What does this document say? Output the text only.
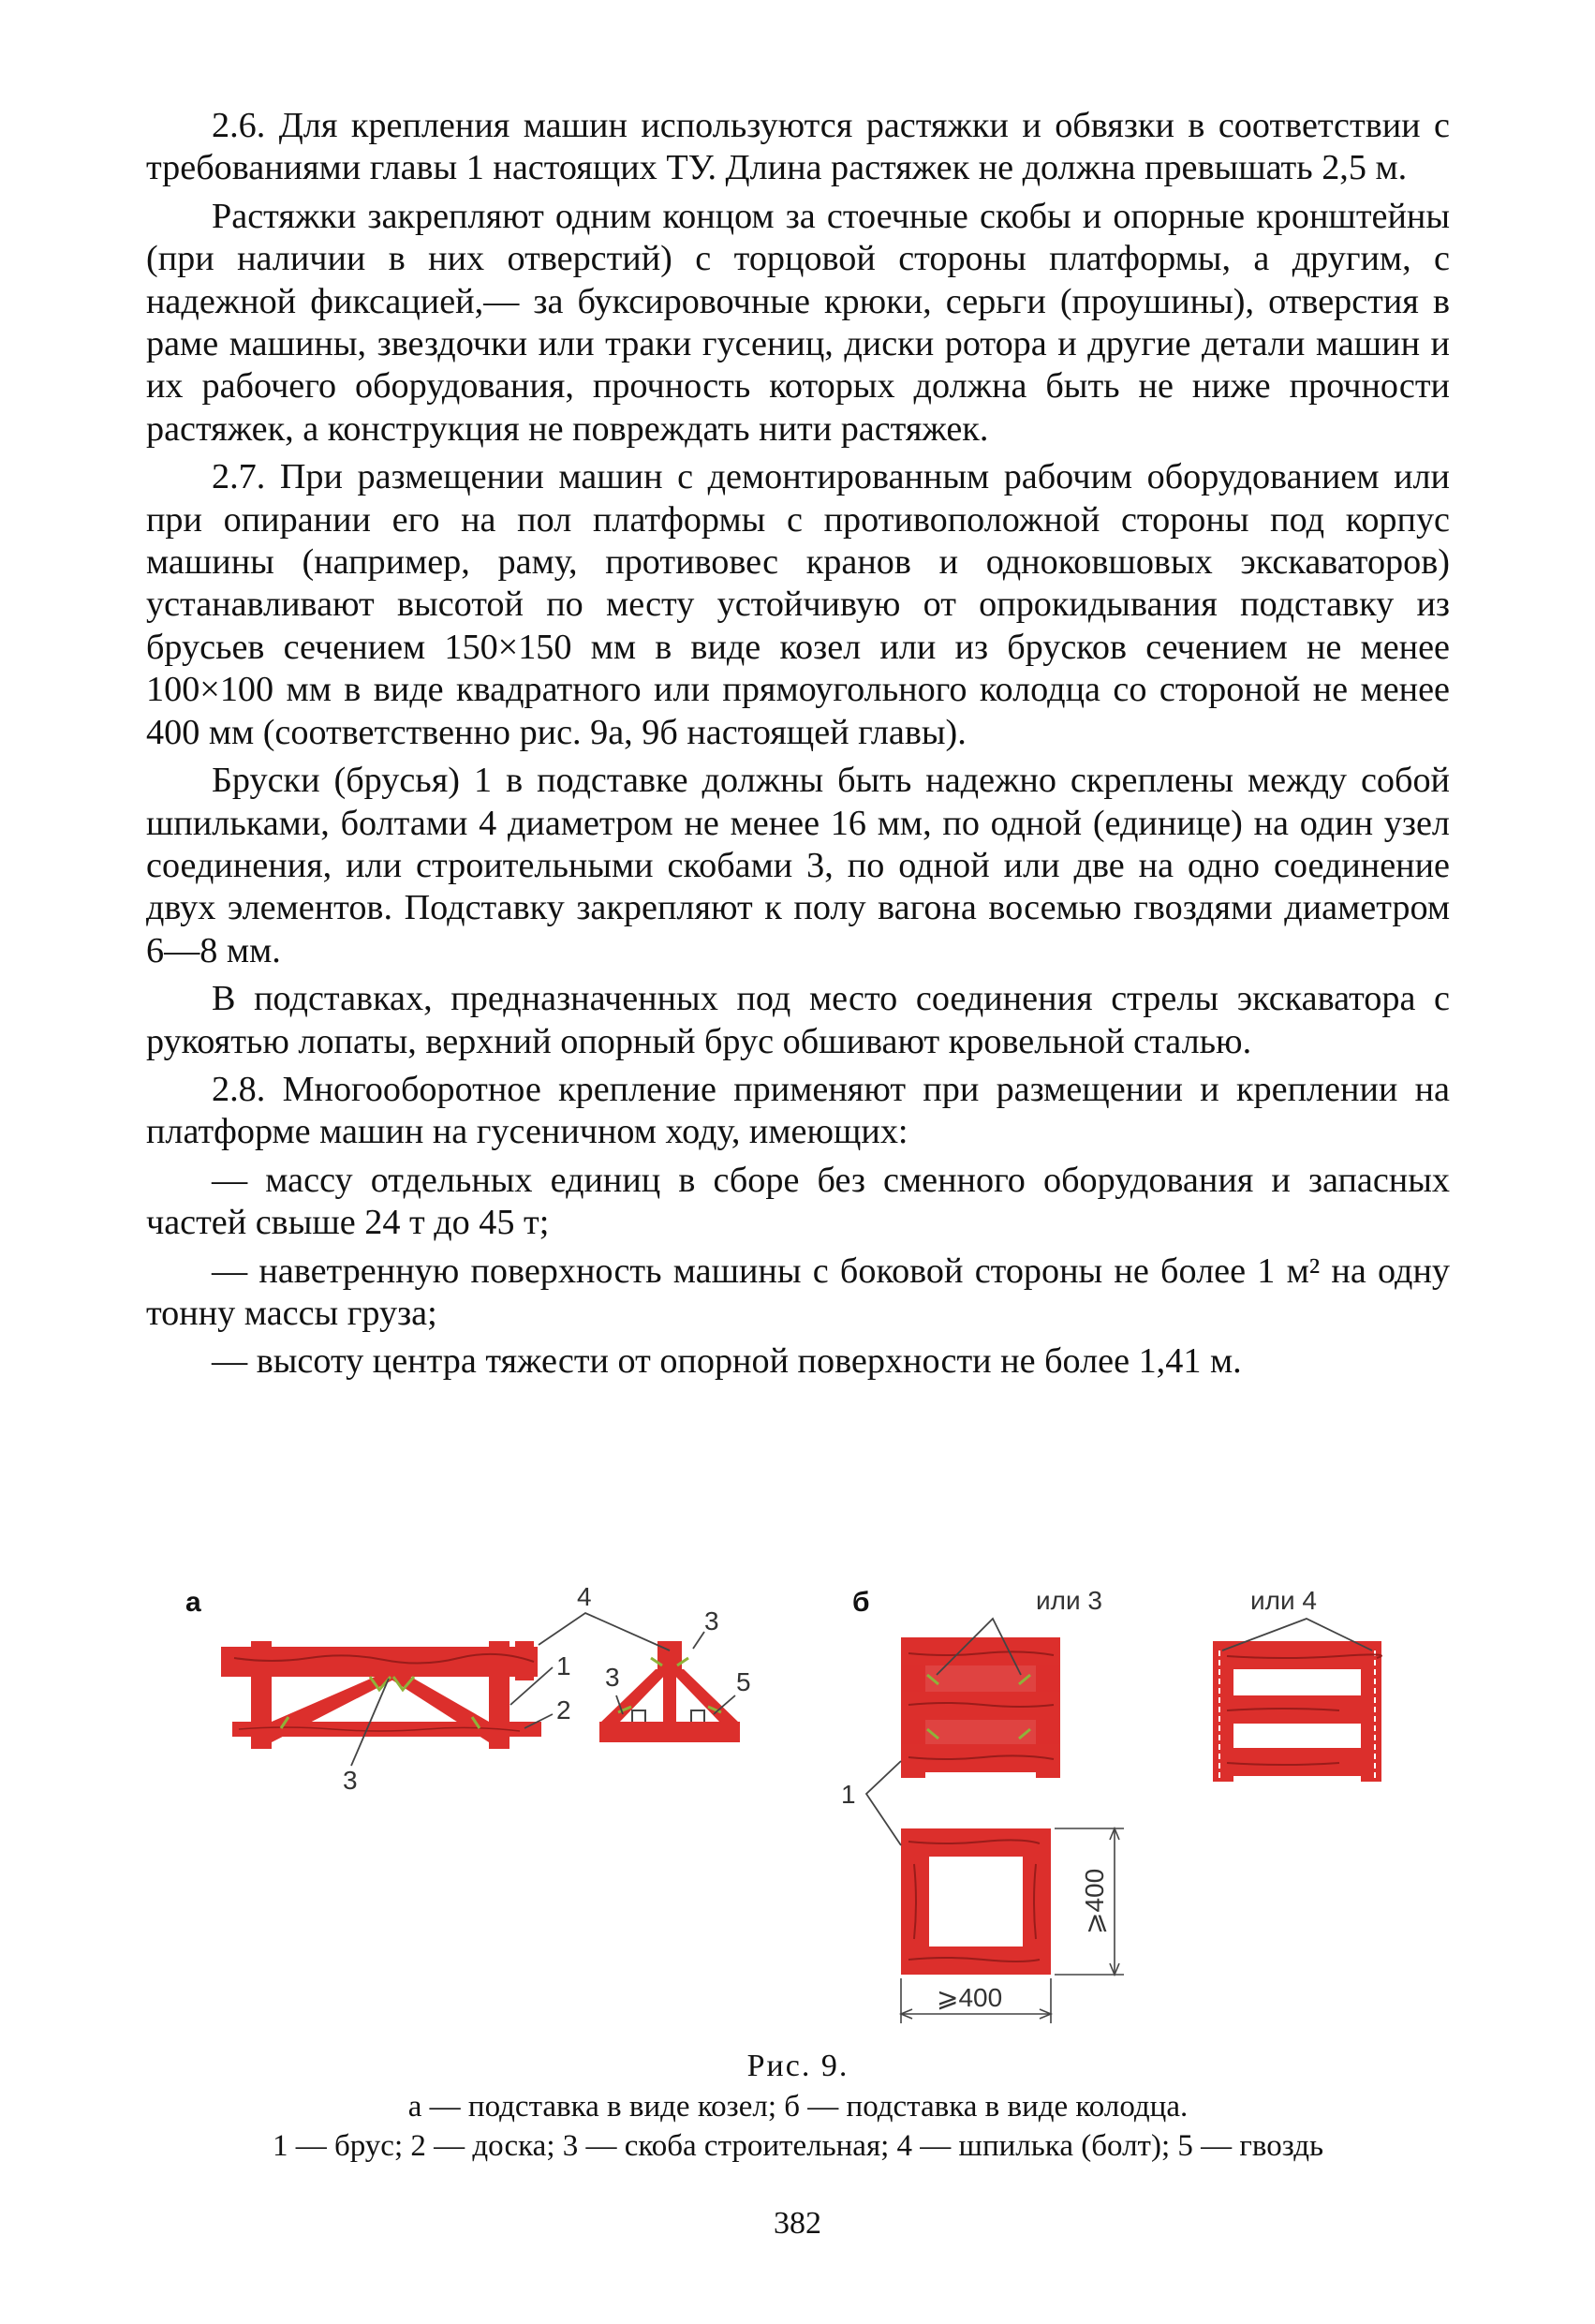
2.6. Для крепления машин используются растяжки и обвязки в соответствии с требованиями главы 1 настоящих ТУ. Длина растяжек не должна превышать 2,5 м.

Растяжки закрепляют одним концом за стоечные скобы и опорные кронштейны (при наличии в них отверстий) с торцовой стороны платформы, а другим, с надежной фиксацией,— за буксировочные крюки, серьги (проушины), отверстия в раме машины, звездочки или траки гусениц, диски ротора и другие детали машин и их рабочего оборудования, прочность которых должна быть не ниже прочности растяжек, а конструкция не повреждать нити растяжек.

2.7. При размещении машин с демонтированным рабочим оборудованием или при опирании его на пол платформы с противоположной стороны под корпус машины (например, раму, противовес кранов и одноковшовых экскаваторов) устанавливают высотой по месту устойчивую от опрокидывания подставку из брусьев сечением 150×150 мм в виде козел или из брусков сечением не менее 100×100 мм в виде квадратного или прямоугольного колодца со стороной не менее 400 мм (соответственно рис. 9а, 9б настоящей главы).

Бруски (брусья) 1 в подставке должны быть надежно скреплены между собой шпильками, болтами 4 диаметром не менее 16 мм, по одной (единице) на один узел соединения, или строительными скобами 3, по одной или две на одно соединение двух элементов. Подставку закрепляют к полу вагона восемью гвоздями диаметром 6—8 мм.

В подставках, предназначенных под место соединения стрелы экскаватора с рукоятью лопаты, верхний опорный брус обшивают кровельной сталью.

2.8. Многооборотное крепление применяют при размещении и креплении на платформе машин на гусеничном ходу, имеющих:

— массу отдельных единиц в сборе без сменного оборудования и запасных частей свыше 24 т до 45 т;

— наветренную поверхность машины с боковой стороны не более 1 м² на одну тонну массы груза;

— высоту центра тяжести от опорной поверхности не более 1,41 м.

а	4
3
1
2
3	5
3
б	или 3	или 4
1
⩾400
⩾400
Рис. 9.
а — подставка в виде козел; б — подставка в виде колодца.
1 — брус; 2 — доска; 3 — скоба строительная; 4 — шпилька (болт); 5 — гвоздь
382
